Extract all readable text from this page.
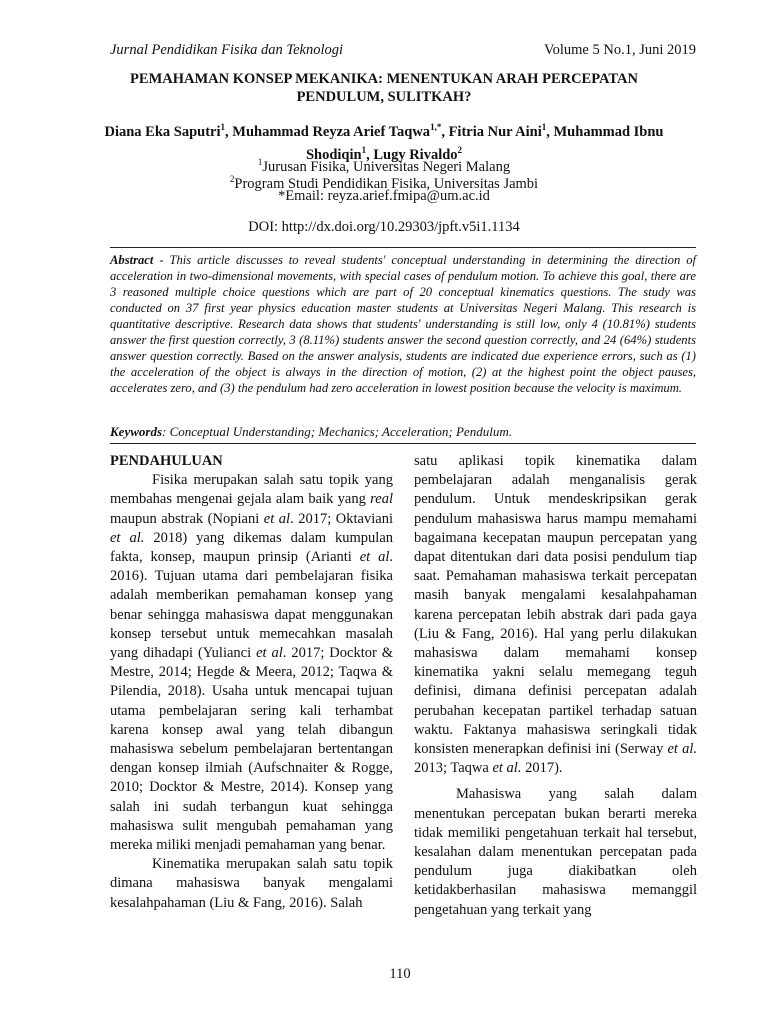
Jurnal Pendidikan Fisika dan Teknologi	Volume 5 No.1, Juni 2019
PEMAHAMAN KONSEP MEKANIKA: MENENTUKAN ARAH PERCEPATAN
PENDULUM, SULITKAH?
Diana Eka Saputri$^1$, Muhammad Reyza Arief Taqwa$^{1,*}$, Fitria Nur Aini$^1$, Muhammad Ibnu Shodiqin$^1$, Lugy Rivaldo$^2$
$^1$Jurusan Fisika, Universitas Negeri Malang
$^2$Program Studi Pendidikan Fisika, Universitas Jambi
*Email: reyza.arief.fmipa@um.ac.id
DOI: http://dx.doi.org/10.29303/jpft.v5i1.1134
Abstract - This article discusses to reveal students' conceptual understanding in determining the direction of acceleration in two-dimensional movements, with special cases of pendulum motion. To achieve this goal, there are 3 reasoned multiple choice questions which are part of 20 conceptual kinematics questions. The study was conducted on 37 first year physics education master students at Universitas Negeri Malang. This research is quantitative descriptive. Research data shows that students' understanding is still low, only 4 (10.81%) students answer the first question correctly, 3 (8.11%) students answer the second question correctly, and 24 (64%) students answer question correctly. Based on the answer analysis, students are indicated due experience errors, such as (1) the acceleration of the object is always in the direction of motion, (2) at the highest point the object pauses, accelerates zero, and (3) the pendulum had zero acceleration in lowest position because the velocity is maximum.
Keywords: Conceptual Understanding; Mechanics; Acceleration; Pendulum.
PENDAHULUAN

Fisika merupakan salah satu topik yang membahas mengenai gejala alam baik yang real maupun abstrak (Nopiani et al. 2017; Oktaviani et al. 2018) yang dikemas dalam kumpulan fakta, konsep, maupun prinsip (Arianti et al. 2016). Tujuan utama dari pembelajaran fisika adalah memberikan pemahaman konsep yang benar sehingga mahasiswa dapat menggunakan konsep tersebut untuk memecahkan masalah yang dihadapi (Yulianci et al. 2017; Docktor & Mestre, 2014; Hegde & Meera, 2012; Taqwa & Pilendia, 2018). Usaha untuk mencapai tujuan utama pembelajaran sering kali terhambat karena konsep awal yang telah dibangun mahasiswa sebelum pembelajaran bertentangan dengan konsep ilmiah (Aufschnaiter & Rogge, 2010; Docktor & Mestre, 2014). Konsep yang salah ini sudah terbangun kuat sehingga mahasiswa sulit mengubah pemahaman yang mereka miliki menjadi pemahaman yang benar.

Kinematika merupakan salah satu topik dimana mahasiswa banyak mengalami kesalahpahaman (Liu & Fang, 2016). Salah

satu aplikasi topik kinematika dalam pembelajaran adalah menganalisis gerak pendulum. Untuk mendeskripsikan gerak pendulum mahasiswa harus mampu memahami bagaimana kecepatan maupun percepatan yang dapat ditentukan dari data posisi pendulum tiap saat. Pemahaman mahasiswa terkait percepatan masih banyak mengalami kesalahpahaman karena percepatan lebih abstrak dari pada gaya (Liu & Fang, 2016). Hal yang perlu dilakukan mahasiswa dalam memahami konsep kinematika yakni selalu memegang teguh definisi, dimana definisi percepatan adalah perubahan kecepatan partikel terhadap satuan waktu. Faktanya mahasiswa seringkali tidak konsisten menerapkan definisi ini (Serway et al. 2013; Taqwa et al. 2017).

Mahasiswa yang salah dalam menentukan percepatan bukan berarti mereka tidak memiliki pengetahuan terkait hal tersebut, kesalahan dalam menentukan percepatan pada pendulum juga diakibatkan oleh ketidakberhasilan mahasiswa memanggil pengetahuan yang terkait yang

110
